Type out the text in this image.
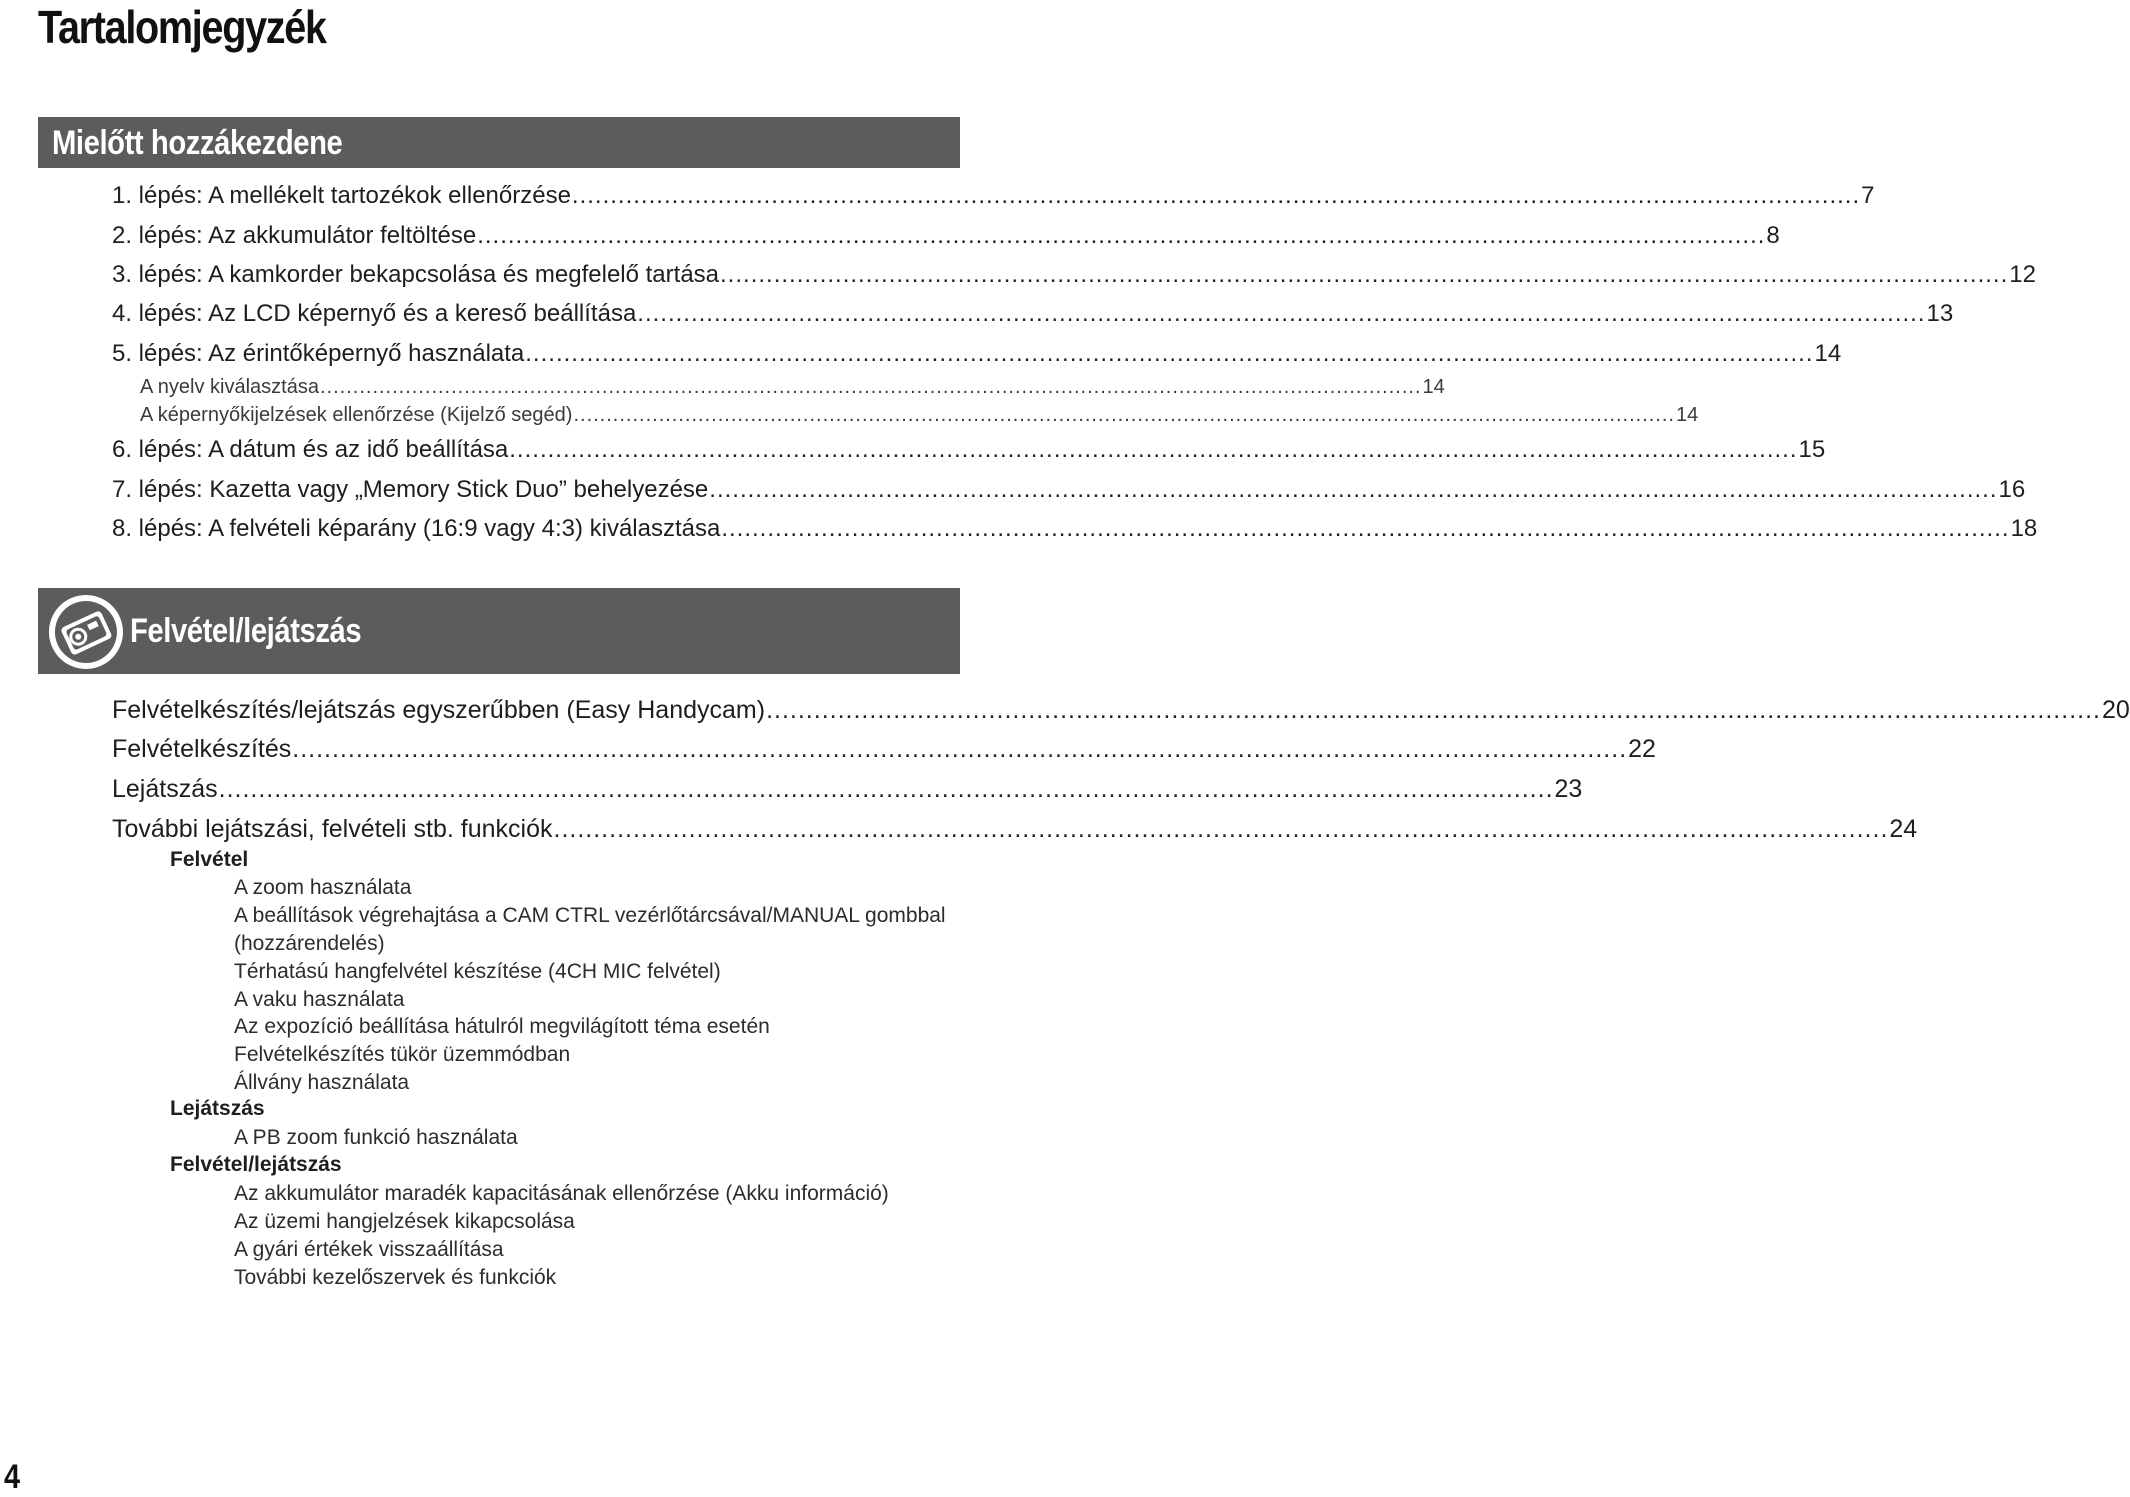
Tartalomjegyzék
Mielőtt hozzákezdene
1. lépés: A mellékelt tartozékok ellenőrzése ........................................................................................................................................................................ 7
2. lépés: Az akkumulátor feltöltése ........................................................................................................................................................................ 8
3. lépés: A kamkorder bekapcsolása és megfelelő tartása ........................................................................................................................................................................ 12
4. lépés: Az LCD képernyő és a kereső beállítása ........................................................................................................................................................................ 13
5. lépés: Az érintőképernyő használata ........................................................................................................................................................................ 14
A nyelv kiválasztása ........................................................................................................................................................................ 14
A képernyőkijelzések ellenőrzése (Kijelző segéd) ........................................................................................................................................................................ 14
6. lépés: A dátum és az idő beállítása ........................................................................................................................................................................ 15
7. lépés: Kazetta vagy „Memory Stick Duo” behelyezése ........................................................................................................................................................................ 16
8. lépés: A felvételi képarány (16:9 vagy 4:3) kiválasztása ........................................................................................................................................................................ 18
Felvétel/lejátszás
Felvételkészítés/lejátszás egyszerűbben (Easy Handycam) ........................................................................................................................................................................ 20
Felvételkészítés ........................................................................................................................................................................ 22
Lejátszás ........................................................................................................................................................................ 23
További lejátszási, felvételi stb. funkciók ........................................................................................................................................................................ 24

Felvétel

A zoom használata

A beállítások végrehajtása a CAM CTRL vezérlőtárcsával/MANUAL gombbal (hozzárendelés)

Térhatású hangfelvétel készítése (4CH MIC felvétel)

A vaku használata

Az expozíció beállítása hátulról megvilágított téma esetén

Felvételkészítés tükör üzemmódban

Állvány használata

Lejátszás

A PB zoom funkció használata

Felvétel/lejátszás

Az akkumulátor maradék kapacitásának ellenőrzése (Akku információ)

Az üzemi hangjelzések kikapcsolása

A gyári értékek visszaállítása

További kezelőszervek és funkciók

4
